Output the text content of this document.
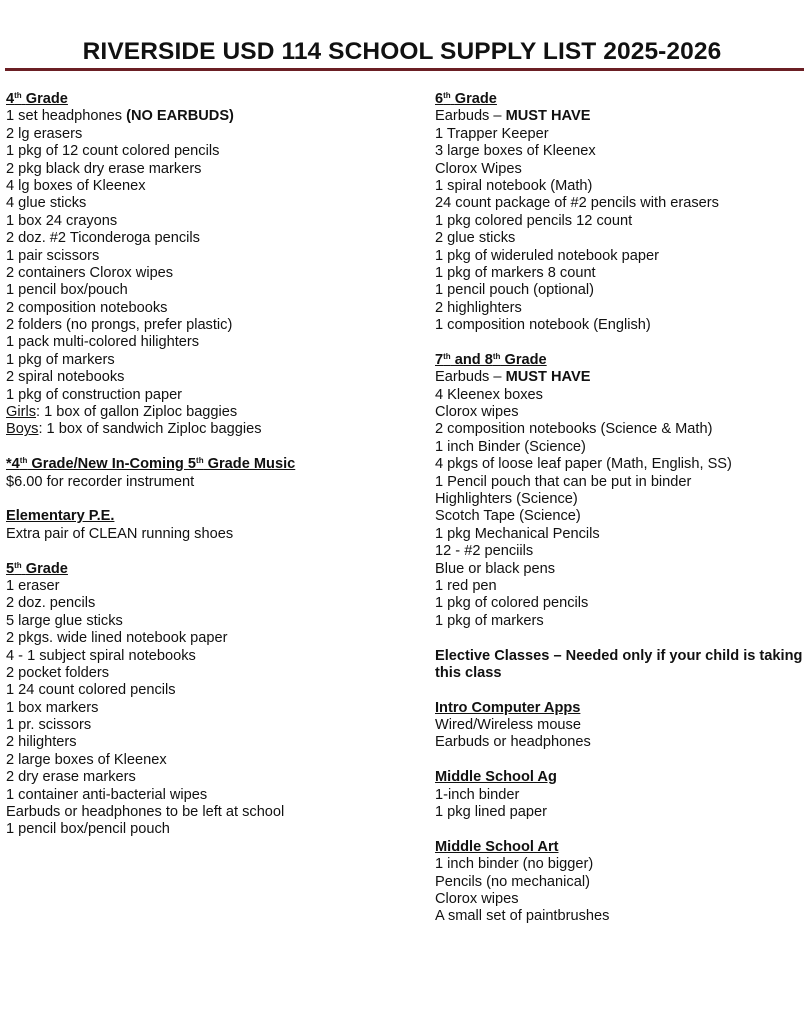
RIVERSIDE USD 114 SCHOOL SUPPLY LIST 2025-2026
4th Grade
1 set headphones (NO EARBUDS)
2 lg erasers
1 pkg of 12 count colored pencils
2 pkg black dry erase markers
4 lg boxes of Kleenex
4 glue sticks
1 box 24 crayons
2 doz. #2 Ticonderoga pencils
1 pair scissors
2 containers Clorox wipes
1 pencil box/pouch
2 composition notebooks
2 folders (no prongs, prefer plastic)
1 pack multi-colored hilighters
1 pkg of markers
2 spiral notebooks
1 pkg of construction paper
Girls: 1 box of gallon Ziploc baggies
Boys: 1 box of sandwich Ziploc baggies
*4th Grade/New In-Coming 5th Grade Music
$6.00 for recorder instrument
Elementary P.E.
Extra pair of CLEAN running shoes
5th Grade
1 eraser
2 doz. pencils
5 large glue sticks
2 pkgs. wide lined notebook paper
4 - 1 subject spiral notebooks
2 pocket folders
1 24 count colored pencils
1 box markers
1 pr. scissors
2 hilighters
2 large boxes of Kleenex
2 dry erase markers
1 container anti-bacterial wipes
Earbuds or headphones to be left at school
1 pencil box/pencil pouch
6th Grade
Earbuds – MUST HAVE
1 Trapper Keeper
3 large boxes of Kleenex
Clorox Wipes
1 spiral notebook (Math)
24 count package of #2 pencils with erasers
1 pkg colored pencils 12 count
2 glue sticks
1 pkg of wideruled notebook paper
1 pkg of markers 8 count
1 pencil pouch (optional)
2 highlighters
1 composition notebook (English)
7th and 8th Grade
Earbuds – MUST HAVE
4 Kleenex boxes
Clorox wipes
2 composition notebooks (Science & Math)
1 inch Binder (Science)
4 pkgs of loose leaf paper (Math, English, SS)
1 Pencil pouch that can be put in binder
Highlighters (Science)
Scotch Tape (Science)
1 pkg Mechanical Pencils
12 - #2 penciils
Blue or black pens
1 red pen
1 pkg of colored pencils
1 pkg of markers
Elective Classes – Needed only if your child is taking this class
Intro Computer Apps
Wired/Wireless mouse
Earbuds or headphones
Middle School Ag
1-inch binder
1 pkg lined paper
Middle School Art
1 inch binder (no bigger)
Pencils (no mechanical)
Clorox wipes
A small set of paintbrushes
